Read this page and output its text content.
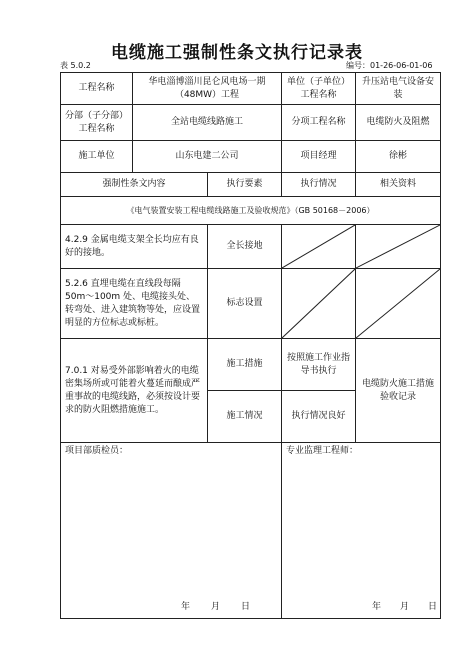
电缆施工强制性条文执行记录表
表 5.0.2	编号：01-26-06-01-06
工程名称	华电淄博淄川昆仑风电场一期（48MW）工程		单位（子单位）工程名称	升压站电气设备安装
分部（子分部）工程名称	全站电缆线路施工		分项工程名称	电缆防火及阻燃
施工单位	山东电建二公司		项目经理	徐彬
强制性条文内容		执行要素	执行情况	相关资料
《电气装置安装工程电缆线路施工及验收规范》（GB 50168－2006）				
4.2.9 金属电缆支架全长均应有良好的接地。		全长接地	

5.2.6 直埋电缆在直线段每隔 50m～100m 处、电缆接头处、转弯处、进入建筑物等处，应设置明显的方位标志或标桩。		标志设置	

7.0.1 对易受外部影响着火的电缆密集场所或可能着火蔓延而酿成严重事故的电缆线路，必须按设计要求的防火阻燃措施施工。		施工措施	按照施工作业指导书执行	电缆防火施工措施验收记录
		施工情况	执行情况良好	

项目部质检员：
年 月 日			专业监理工程师：
年 月 日	
